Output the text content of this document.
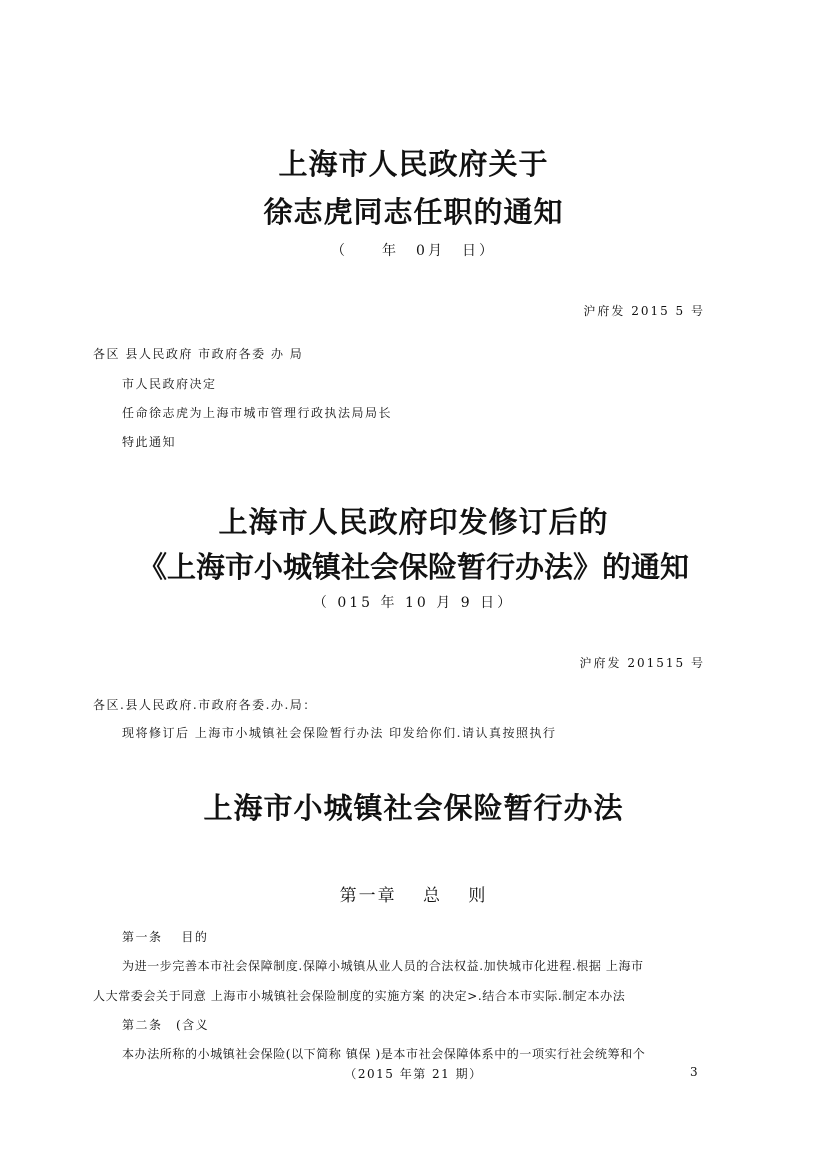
上海市人民政府关于
徐志虎同志任职的通知
（　　年　0月　日）
沪府发 2015 5 号
各区 县人民政府 市政府各委 办 局
市人民政府决定
任命徐志虎为上海市城市管理行政执法局局长
特此通知
上海市人民政府印发修订后的
《上海市小城镇社会保险暂行办法》的通知
（ 015 年 10 月 9 日）
沪府发 201515 号
各区.县人民政府.市政府各委.办.局：
现将修订后 上海市小城镇社会保险暂行办法 印发给你们.请认真按照执行
上海市小城镇社会保险暂行办法
第一章　 总　 则
第一条　 目的
为进一步完善本市社会保障制度.保障小城镇从业人员的合法权益.加快城市化进程.根据 上海市
人大常委会关于同意 上海市小城镇社会保险制度的实施方案 的决定>.结合本市实际.制定本办法
第二条　(含义
本办法所称的小城镇社会保险(以下简称 镇保 )是本市社会保障体系中的一项实行社会统筹和个
（2015 年第 21 期）	3
